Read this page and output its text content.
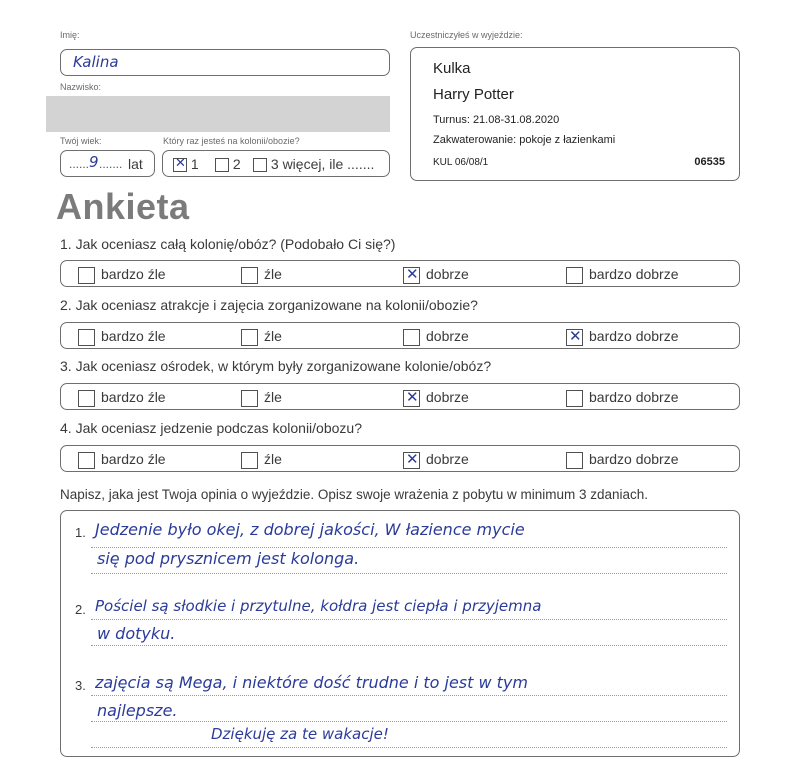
Imię:
Kalina
Nazwisko:
Twój wiek:
...... 9 ....... lat
Który raz jesteś na kolonii/obozie?
✕ 1	2	3 więcej, ile .......
Uczestniczyłeś w wyjeździe:
Kulka
Harry Potter
Turnus: 21.08-31.08.2020
Zakwaterowanie: pokoje z łazienkami
KUL 06/08/1	06535
Ankieta
1. Jak oceniasz całą kolonię/obóz? (Podobało Ci się?)
bardzo źle	źle	✕ dobrze	bardzo dobrze
2. Jak oceniasz atrakcje i zajęcia zorganizowane na kolonii/obozie?
bardzo źle	źle	dobrze	✕ bardzo dobrze
3. Jak oceniasz ośrodek, w którym były zorganizowane kolonie/obóz?
bardzo źle	źle	✕ dobrze	bardzo dobrze
4. Jak oceniasz jedzenie podczas kolonii/obozu?
bardzo źle	źle	✕ dobrze	bardzo dobrze
Napisz, jaka jest Twoja opinia o wyjeździe. Opisz swoje wrażenia z pobytu w minimum 3 zdaniach.
1. Jedzenie było okej, z dobrej jakości, W łazience mycie
się pod prysznicem jest kolonga.
2. Pościel są słodkie i przytulne, kołdra jest ciepła i przyjemna
w dotyku.
3. zajęcia są Mega, i niektóre dość trudne i to jest w tym
najlepsze.
Dziękuję za te wakacje!
